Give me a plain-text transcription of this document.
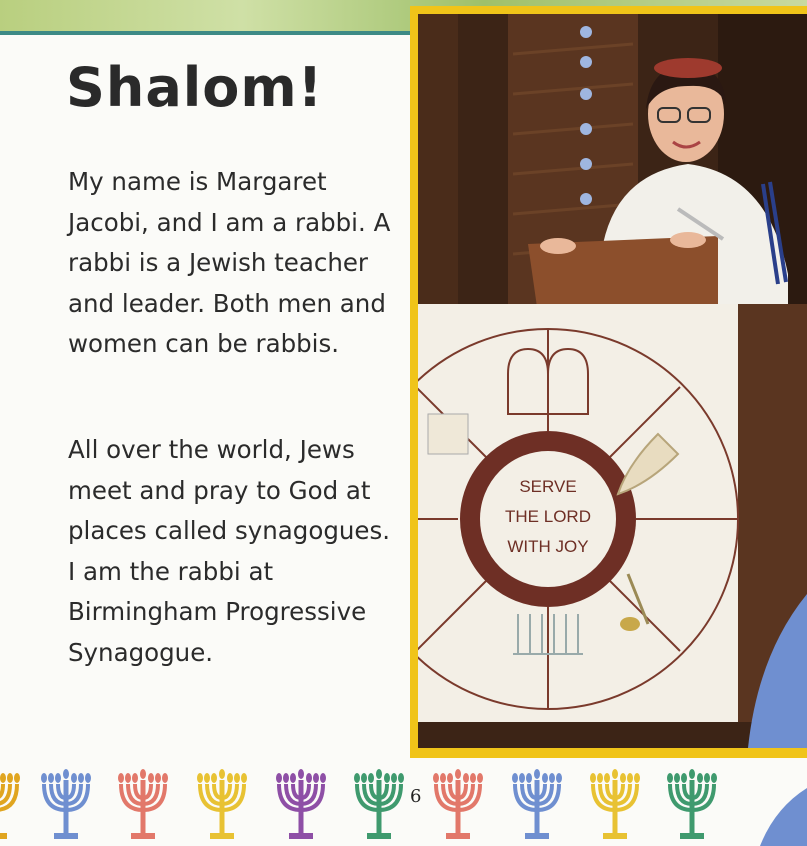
Shalom!

My name is Margaret Jacobi, and I am a rabbi. A rabbi is a Jewish teacher and leader. Both men and women can be rabbis.

All over the world, Jews meet and pray to God at places called synagogues. I am the rabbi at Birmingham Progressive Synagogue.

SERVE
THE LORD
WITH JOY
6
